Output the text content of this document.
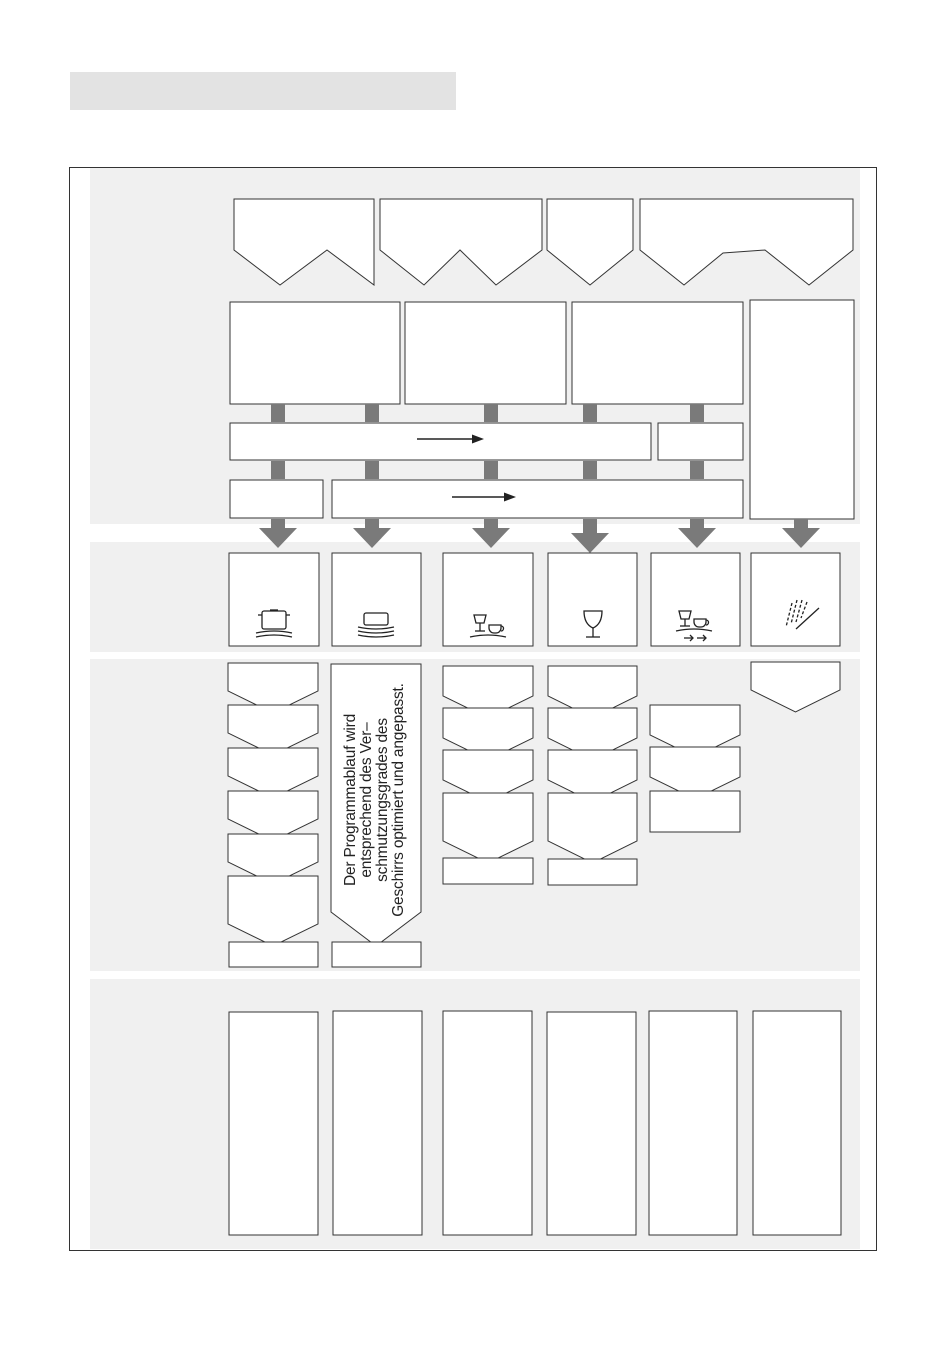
Der Programmablauf wird
entsprechend des Ver–
schmutzungsgrades des
Geschirrs optimiert und angepasst.
